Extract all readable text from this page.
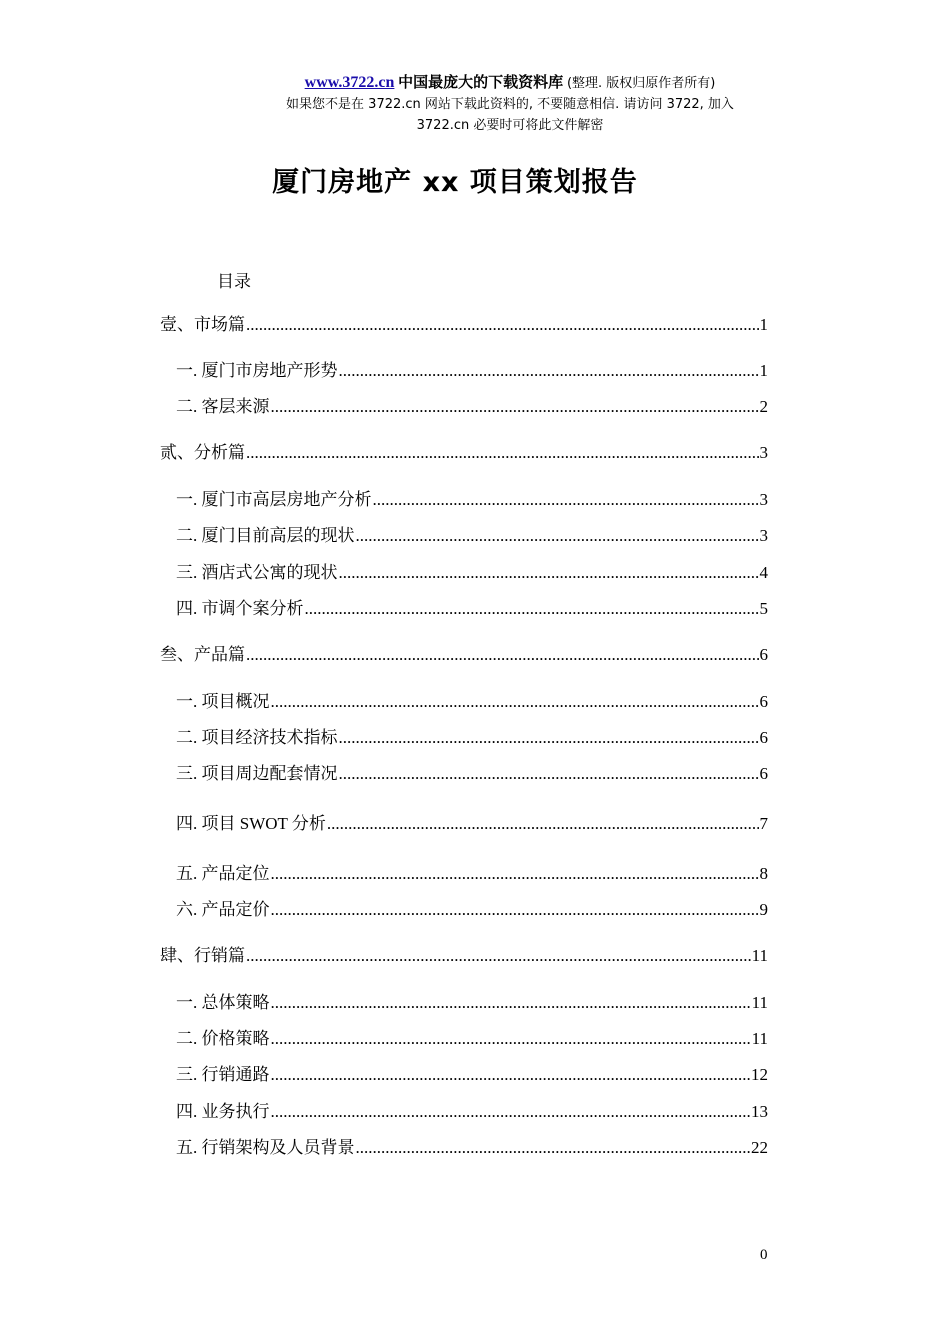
www.3722.cn 中国最庞大的下载资料库 (整理. 版权归原作者所有)
如果您不是在 3722.cn 网站下载此资料的, 不要随意相信. 请访问 3722, 加入
3722.cn 必要时可将此文件解密
厦门房地产 xx 项目策划报告
目录
壹、市场篇 .....	1
一. 厦门市房地产形势 .....	1
二. 客层来源 .....	2
贰、分析篇 .....	3
一. 厦门市高层房地产分析 .....	3
二. 厦门目前高层的现状 .....	3
三. 酒店式公寓的现状 .....	4
四. 市调个案分析 .....	5
叁、产品篇 .....	6
一. 项目概况 .....	6
二. 项目经济技术指标 .....	6
三. 项目周边配套情况 .....	6
四. 项目 SWOT 分析 .....	7
五. 产品定位 .....	8
六. 产品定价 .....	9
肆、行销篇 .....	11
一. 总体策略 .....	11
二. 价格策略 .....	11
三. 行销通路 .....	12
四. 业务执行 .....	13
五. 行销架构及人员背景 .....	22
0
